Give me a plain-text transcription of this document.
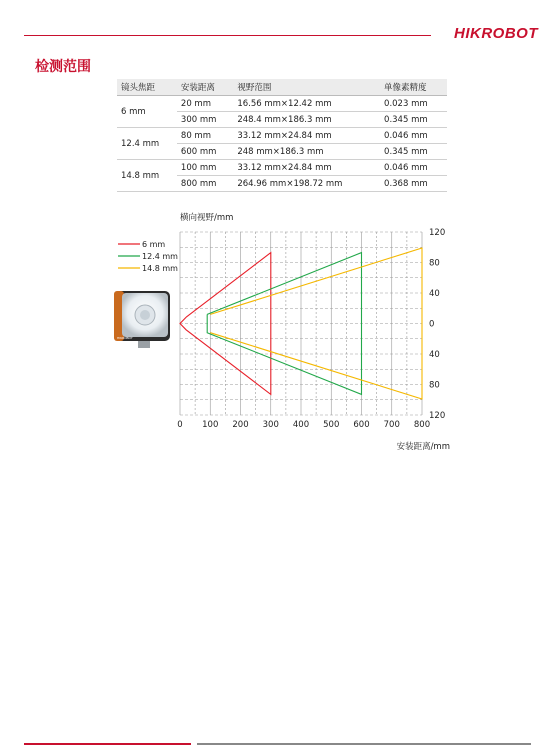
HIKROBOT
检测范围
镜头焦距	安装距离	视野范围	单像素精度
6 mm	20 mm	16.56 mm×12.42 mm	0.023 mm
	300 mm	248.4 mm×186.3 mm	0.345 mm
12.4 mm	80 mm	33.12 mm×24.84 mm	0.046 mm
	600 mm	248 mm×186.3 mm	0.345 mm
14.8 mm	100 mm	33.12 mm×24.84 mm	0.046 mm
	800 mm	264.96 mm×198.72 mm	0.368 mm
0 100 200 300 400 500 600 700 800
120
80
40
0
40
80
120
6 mm
12.4 mm
14.8 mm
横向视野/mm
安装距离/mm
HIKROBOT
